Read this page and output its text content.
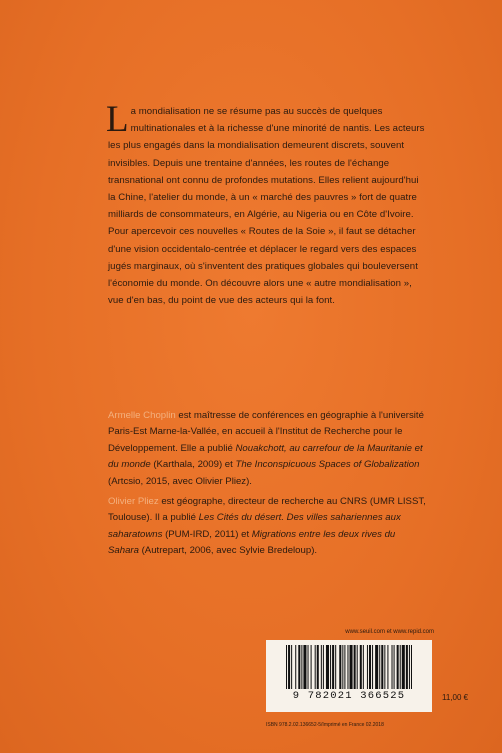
La mondialisation ne se résume pas au succès de quelques multinationales et à la richesse d'une minorité de nantis. Les acteurs les plus engagés dans la mondialisation demeurent discrets, souvent invisibles. Depuis une trentaine d'années, les routes de l'échange transnational ont connu de profondes mutations. Elles relient aujourd'hui la Chine, l'atelier du monde, à un « marché des pauvres » fort de quatre milliards de consommateurs, en Algérie, au Nigeria ou en Côte d'Ivoire. Pour apercevoir ces nouvelles « Routes de la Soie », il faut se détacher d'une vision occidentalo-centrée et déplacer le regard vers des espaces jugés marginaux, où s'inventent des pratiques globales qui bouleversent l'économie du monde. On découvre alors une « autre mondialisation », vue d'en bas, du point de vue des acteurs qui la font.

Armelle Choplin est maîtresse de conférences en géographie à l'université Paris-Est Marne-la-Vallée, en accueil à l'Institut de Recherche pour le Développement. Elle a publié Nouakchott, au carrefour de la Mauritanie et du monde (Karthala, 2009) et The Inconspicuous Spaces of Globalization (Artcsio, 2015, avec Olivier Pliez).

Olivier Pliez est géographe, directeur de recherche au CNRS (UMR LISST, Toulouse). Il a publié Les Cités du désert. Des villes sahariennes aux saharatowns (PUM-IRD, 2011) et Migrations entre les deux rives du Sahara (Autrepart, 2006, avec Sylvie Bredeloup).

www.seuil.com et www.repid.com
9 782021 366525	11,00 €
ISBN 978.2.02.136652-5/Imprimé en France 02.2018
